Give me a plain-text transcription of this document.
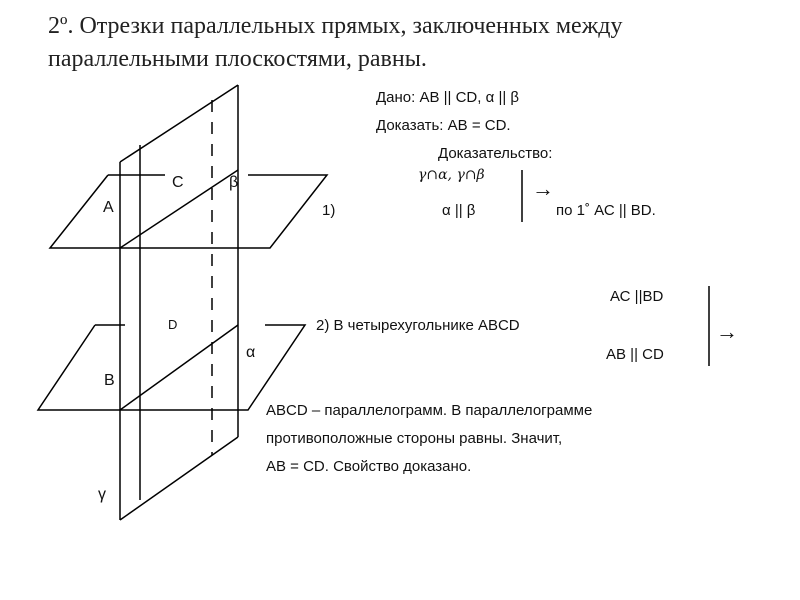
2º. Отрезки параллельных прямых, заключенных между параллельными плоскостями, равны.
А
С	β
D
α
В
γ
Дано: АВ || CD, α || β
Доказать: АВ = CD.
Доказательство:
γ∩α, γ∩β
1)	α || β
→
по 1˚ АС || BD.
АС ||BD
2) В четырехугольнике ABCD	→
AB || CD
ABCD – параллелограмм. В параллелограмме
противоположные стороны равны. Значит,
АВ = CD. Свойство доказано.
